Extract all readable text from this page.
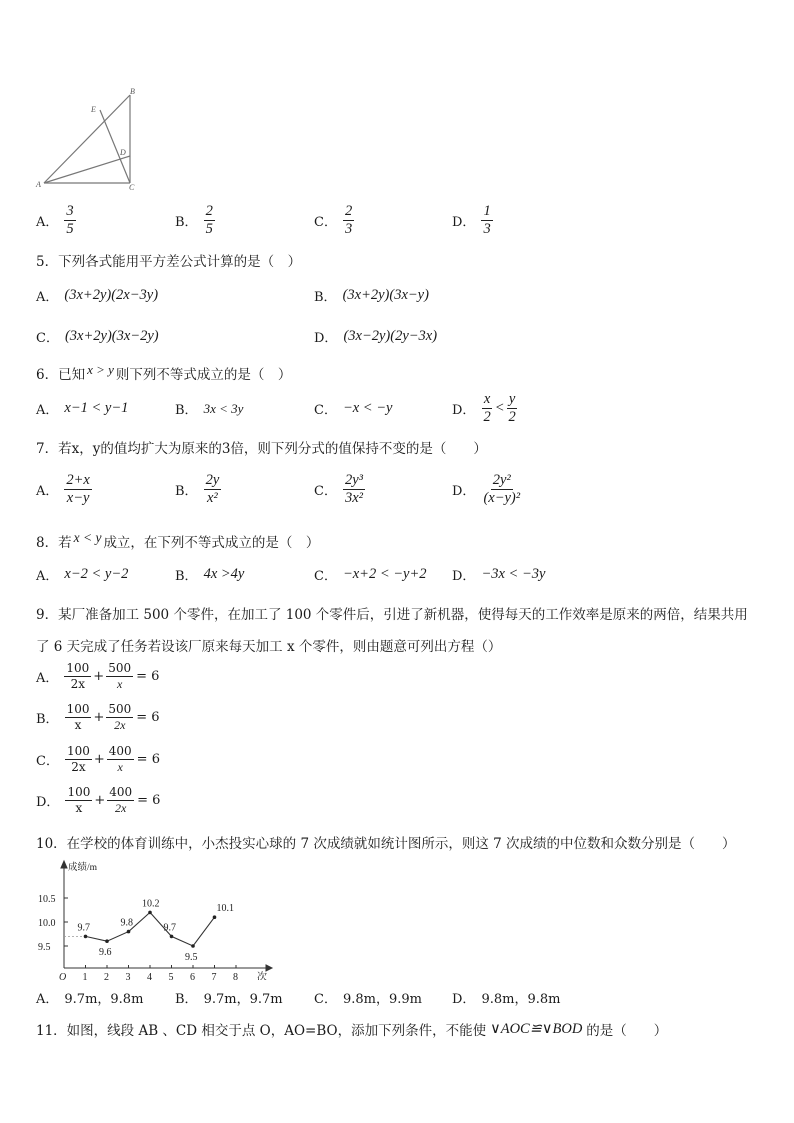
B
E
D
A	C
A． $\frac{3}{5}$	B． $\frac{2}{5}$	C． $\frac{2}{3}$	D． $\frac{1}{3}$
5．下列各式能用平方差公式计算的是（　）
A． (3x+2y)(2x−3y)	B． (3x+2y)(3x−y)
C． (3x+2y)(3x−2y)	D． (3x−2y)(2y−3x)
6．已知 x > y 则下列不等式成立的是（　）
A． x−1 < y−1	B． 3x < 3y	C． −x < −y	D． $\frac{x}{2} < \frac{y}{2}$
7．若x，y的值均扩大为原来的3倍，则下列分式的值保持不变的是（　　）
A． $\frac{2+x}{x-y}$	B． $\frac{2y}{\text{x²}}$	C． $\frac{\text{2y³}}{\text{3x²}}$	D． $\frac{\text{2y²}}{\text{(x−y)²}}$
8．若 x < y 成立，在下列不等式成立的是（　）
A． x−2 < y−2	B． 4x >4y	C． −x+2 < −y+2 D． −3x < −3y
9．某厂准备加工 500 个零件，在加工了 100 个零件后，引进了新机器，使得每天的工作效率是原来的两倍，结果共用
了 6 天完成了任务若设该厂原来每天加工 x 个零件，则由题意可列出方程（）
A． $\frac{100}{2x} + \frac{500}{x} = 6$
B． $\frac{100}{x} + \frac{500}{2x} = 6$
C． $\frac{100}{2x} + \frac{400}{x} = 6$
D． $\frac{100}{x} + \frac{400}{2x} = 6$
10．在学校的体育训练中，小杰投实心球的 7 次成绩就如统计图所示，则这 7 次成绩的中位数和众数分别是（　　）
9.5
10.0
10.5
1 2 3 4 5 6 7 8
O	次
成绩/m
9.7
9.6
9.8
10.2
9.7
9.5
10.1
A． 9.7m，9.8m B． 9.7m，9.7m C． 9.8m，9.9m D． 9.8m，9.8m
11．如图，线段 AB 、CD 相交于点 O，AO=BO，添加下列条件，不能使 ∨AOC≌∨BOD 的是（　　）
